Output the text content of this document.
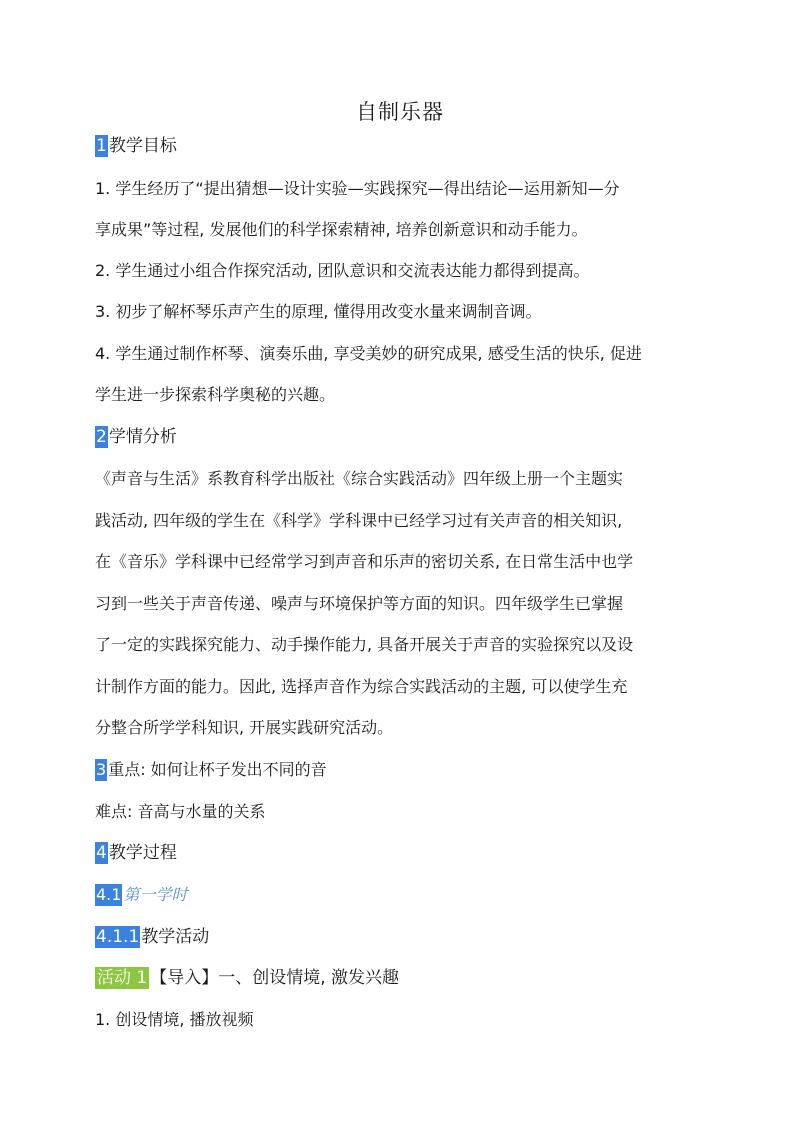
自制乐器
1 教学目标
1. 学生经历了“提出猜想—设计实验—实践探究—得出结论—运用新知—分
享成果”等过程, 发展他们的科学探索精神, 培养创新意识和动手能力。
2. 学生通过小组合作探究活动, 团队意识和交流表达能力都得到提高。
3. 初步了解杯琴乐声产生的原理, 懂得用改变水量来调制音调。
4. 学生通过制作杯琴、演奏乐曲, 享受美妙的研究成果, 感受生活的快乐, 促进
学生进一步探索科学奥秘的兴趣。
2 学情分析
《声音与生活》系教育科学出版社《综合实践活动》四年级上册一个主题实
践活动, 四年级的学生在《科学》学科课中已经学习过有关声音的相关知识,
在《音乐》学科课中已经常学习到声音和乐声的密切关系, 在日常生活中也学
习到一些关于声音传递、噪声与环境保护等方面的知识。四年级学生已掌握
了一定的实践探究能力、动手操作能力, 具备开展关于声音的实验探究以及设
计制作方面的能力。因此, 选择声音作为综合实践活动的主题, 可以使学生充
分整合所学学科知识, 开展实践研究活动。
3 重点: 如何让杯子发出不同的音
难点: 音高与水量的关系
4 教学过程
4.1 第一学时
4.1.1 教学活动
活动 1 【导入】一、创设情境, 激发兴趣
1. 创设情境, 播放视频
